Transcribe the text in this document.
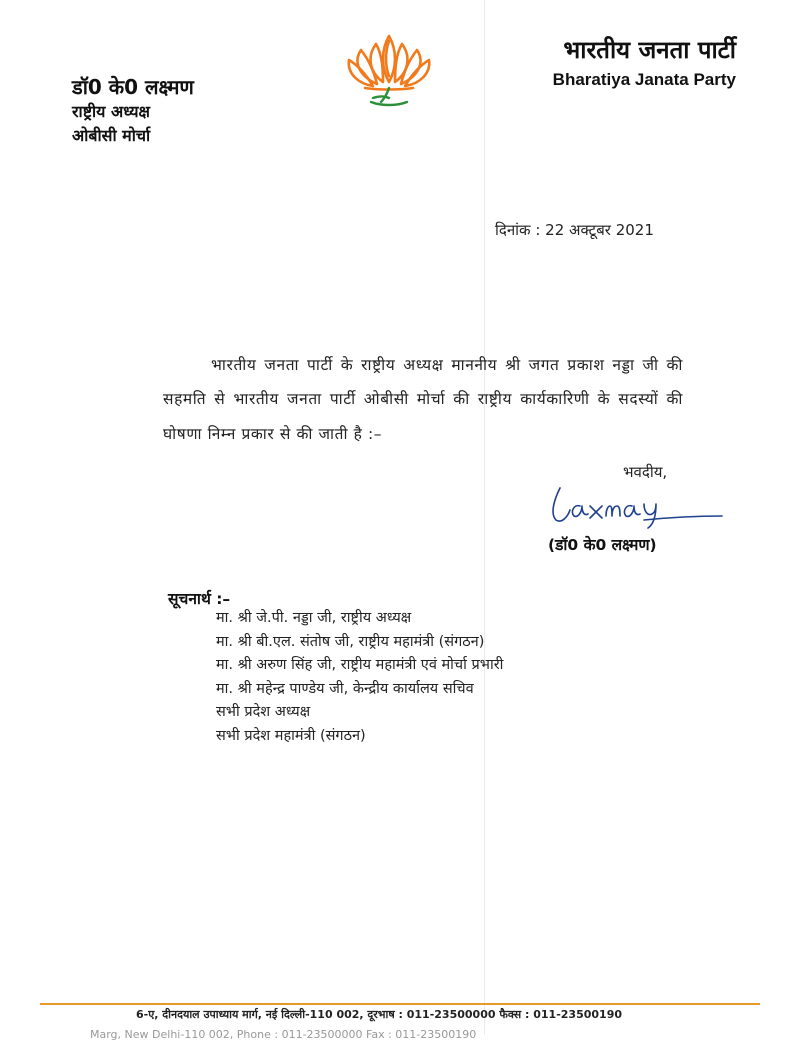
डॉ0 के0 लक्ष्मण
राष्ट्रीय अध्यक्ष
ओबीसी मोर्चा
भारतीय जनता पार्टी
Bharatiya Janata Party
दिनांक : 22 अक्टूबर 2021

भारतीय जनता पार्टी के राष्ट्रीय अध्यक्ष माननीय श्री जगत प्रकाश नड्डा जी की सहमति से भारतीय जनता पार्टी ओबीसी मोर्चा की राष्ट्रीय कार्यकारिणी के सदस्यों की घोषणा निम्न प्रकार से की जाती है :–

भवदीय,
(डॉ0 के0 लक्ष्मण)
सूचनार्थ :–
मा. श्री जे.पी. नड्डा जी, राष्ट्रीय अध्यक्ष
मा. श्री बी.एल. संतोष जी, राष्ट्रीय महामंत्री (संगठन)
मा. श्री अरुण सिंह जी, राष्ट्रीय महामंत्री एवं मोर्चा प्रभारी
मा. श्री महेन्द्र पाण्डेय जी, केन्द्रीय कार्यालय सचिव
सभी प्रदेश अध्यक्ष
सभी प्रदेश महामंत्री (संगठन)
6-ए, दीनदयाल उपाध्याय मार्ग, नई दिल्ली-110 002, दूरभाष : 011-23500000 फैक्स : 011-23500190
Marg, New Delhi-110 002, Phone : 011-23500000 Fax : 011-23500190
